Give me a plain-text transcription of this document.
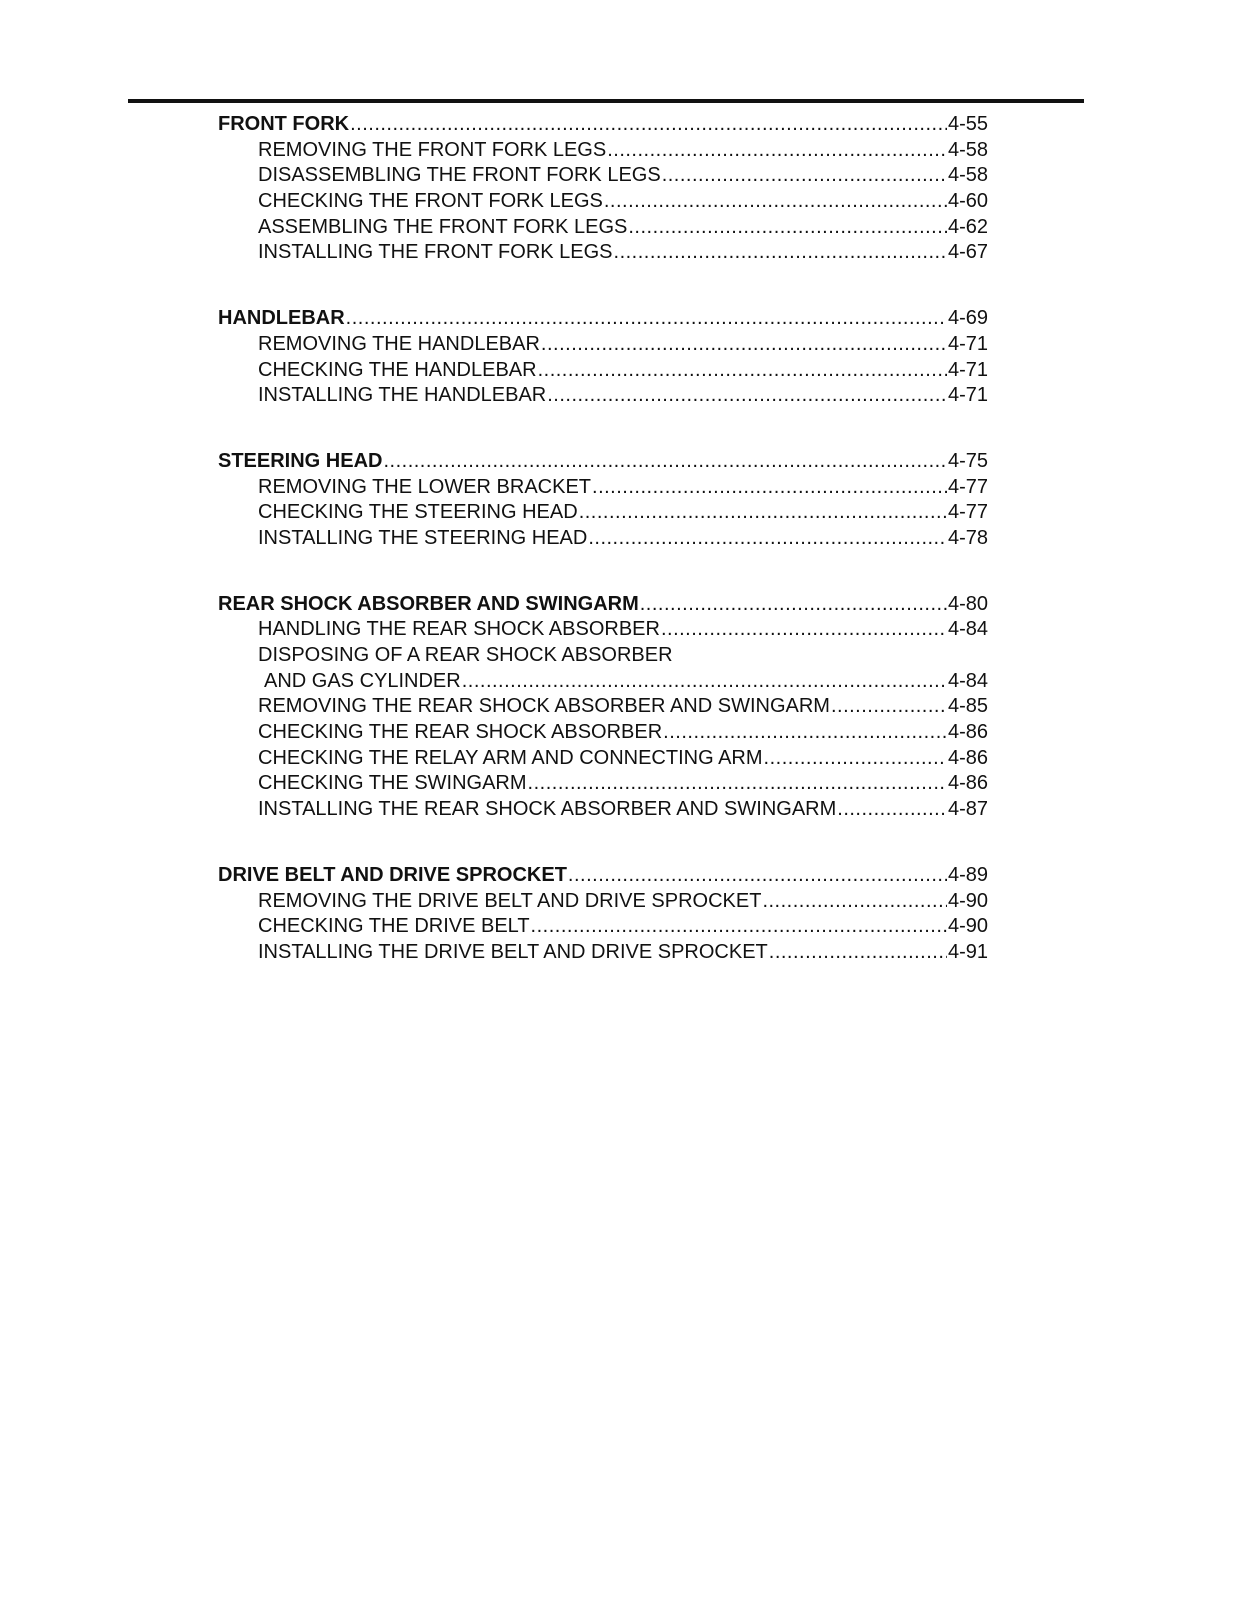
FRONT FORK .....	4-55
REMOVING THE FRONT FORK LEGS .....	4-58
DISASSEMBLING THE FRONT FORK LEGS .....	4-58
CHECKING THE FRONT FORK LEGS .....	4-60
ASSEMBLING THE FRONT FORK LEGS .....	4-62
INSTALLING THE FRONT FORK LEGS .....	4-67
HANDLEBAR .....	4-69
REMOVING THE HANDLEBAR .....	4-71
CHECKING THE HANDLEBAR .....	4-71
INSTALLING THE HANDLEBAR .....	4-71
STEERING HEAD .....	4-75
REMOVING THE LOWER BRACKET .....	4-77
CHECKING THE STEERING HEAD .....	4-77
INSTALLING THE STEERING HEAD .....	4-78
REAR SHOCK ABSORBER AND SWINGARM .....	4-80
HANDLING THE REAR SHOCK ABSORBER .....	4-84
DISPOSING OF A REAR SHOCK ABSORBER
AND GAS CYLINDER .....	4-84
REMOVING THE REAR SHOCK ABSORBER AND SWINGARM .....	4-85
CHECKING THE REAR SHOCK ABSORBER .....	4-86
CHECKING THE RELAY ARM AND CONNECTING ARM .....	4-86
CHECKING THE SWINGARM .....	4-86
INSTALLING THE REAR SHOCK ABSORBER AND SWINGARM .....	4-87
DRIVE BELT AND DRIVE SPROCKET .....	4-89
REMOVING THE DRIVE BELT AND DRIVE SPROCKET .....	4-90
CHECKING THE DRIVE BELT .....	4-90
INSTALLING THE DRIVE BELT AND DRIVE SPROCKET .....	4-91
